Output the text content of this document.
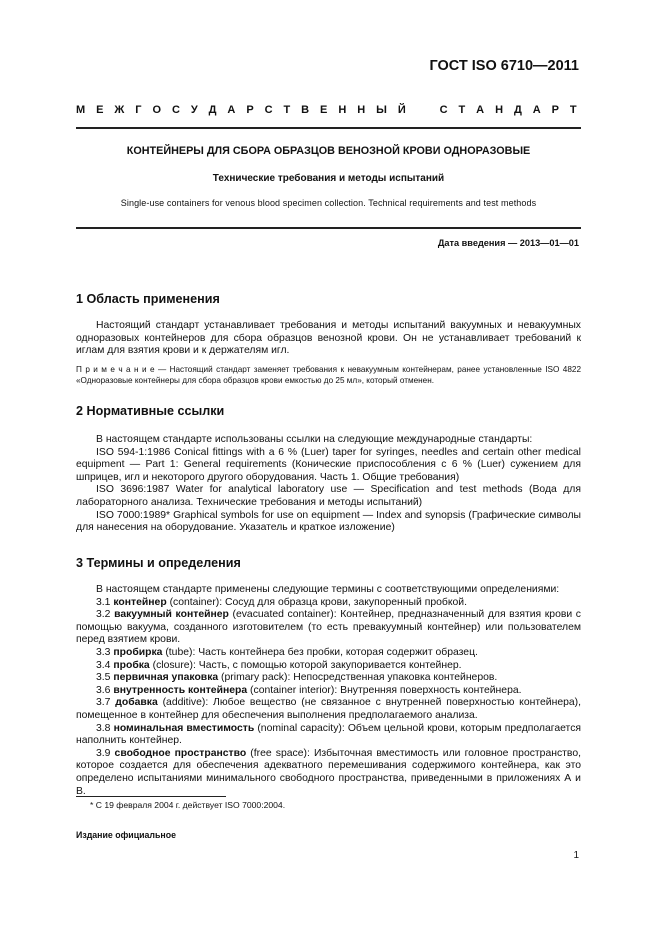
ГОСТ ISO 6710—2011
М Е Ж Г О С У Д А Р С Т В Е Н Н Ы Й	С Т А Н Д А Р Т
КОНТЕЙНЕРЫ ДЛЯ СБОРА ОБРАЗЦОВ ВЕНОЗНОЙ КРОВИ ОДНОРАЗОВЫЕ
Технические требования и методы испытаний
Single-use containers for venous blood specimen collection. Technical requirements and test methods
Дата введения — 2013—01—01
1 Область применения

Настоящий стандарт устанавливает требования и методы испытаний вакуумных и невакуумных одноразовых контейнеров для сбора образцов венозной крови. Он не устанавливает требований к иглам для взятия крови и к держателям игл.

П р и м е ч а н и е — Настоящий стандарт заменяет требования к невакуумным контейнерам, ранее установленные ISO 4822 «Одноразовые контейнеры для сбора образцов крови емкостью до 25 мл», который отменен.
2 Нормативные ссылки

В настоящем стандарте использованы ссылки на следующие международные стандарты:

ISO 594-1:1986 Conical fittings with a 6 % (Luer) taper for syringes, needles and certain other medical equipment — Part 1: General requirements (Конические приспособления с 6 % (Luer) сужением для шприцев, игл и некоторого другого оборудования. Часть 1. Общие требования)

ISO 3696:1987 Water for analytical laboratory use — Specification and test methods (Вода для лабораторного анализа. Технические требования и методы испытаний)

ISO 7000:1989* Graphical symbols for use on equipment — Index and synopsis (Графические символы для нанесения на оборудование. Указатель и краткое изложение)

3 Термины и определения

В настоящем стандарте применены следующие термины с соответствующими определениями:

3.1 контейнер (container): Сосуд для образца крови, закупоренный пробкой.

3.2 вакуумный контейнер (evacuated container): Контейнер, предназначенный для взятия крови с помощью вакуума, созданного изготовителем (то есть превакуумный контейнер) или пользователем перед взятием крови.

3.3 пробирка (tube): Часть контейнера без пробки, которая содержит образец.

3.4 пробка (closure): Часть, с помощью которой закупоривается контейнер.

3.5 первичная упаковка (primary pack): Непосредственная упаковка контейнеров.

3.6 внутренность контейнера (container interior): Внутренняя поверхность контейнера.

3.7 добавка (additive): Любое вещество (не связанное с внутренней поверхностью контейнера), помещенное в контейнер для обеспечения выполнения предполагаемого анализа.

3.8 номинальная вместимость (nominal capacity): Объем цельной крови, которым предполагается наполнить контейнер.

3.9 свободное пространство (free space): Избыточная вместимость или головное пространство, которое создается для обеспечения адекватного перемешивания содержимого контейнера, как это определено испытаниями минимального свободного пространства, приведенными в приложениях А и В.

* С 19 февраля 2004 г. действует ISO 7000:2004.
Издание официальное
1
